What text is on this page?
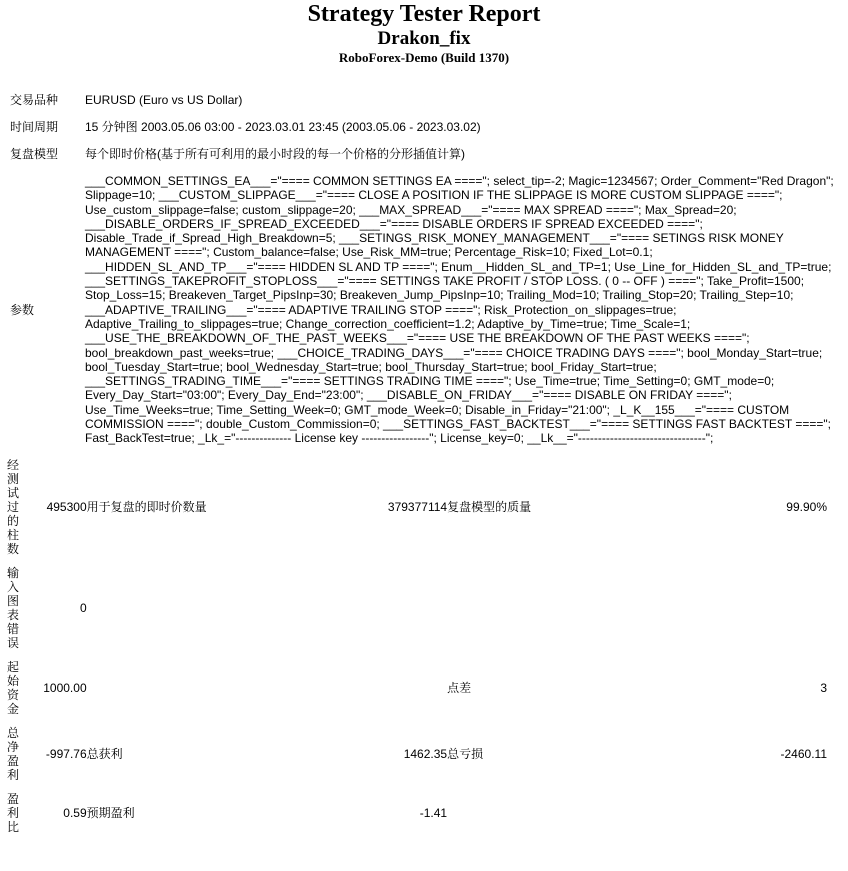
Strategy Tester Report
Drakon_fix
RoboForex-Demo (Build 1370)
交易品种	EURUSD (Euro vs US Dollar)
时间周期	15 分钟图 2003.05.06 03:00 - 2023.03.01 23:45 (2003.05.06 - 2023.03.02)
复盘模型	每个即时价格(基于所有可利用的最小时段的每一个价格的分形插值计算)
参数	___COMMON_SETTINGS_EA___="==== COMMON SETTINGS EA ===="; select_tip=-2; Magic=1234567; Order_Comment="Red Dragon"; Slippage=10; ___CUSTOM_SLIPPAGE___="==== CLOSE A POSITION IF THE SLIPPAGE IS MORE CUSTOM SLIPPAGE ===="; Use_custom_slippage=false; custom_slippage=20; ___MAX_SPREAD___="==== MAX SPREAD ===="; Max_Spread=20; ___DISABLE_ORDERS_IF_SPREAD_EXCEEDED___="==== DISABLE ORDERS IF SPREAD EXCEEDED ===="; Disable_Trade_if_Spread_High_Breakdown=5; ___SETINGS_RISK_MONEY_MANAGEMENT___="==== SETINGS RISK MONEY MANAGEMENT ===="; Custom_balance=false; Use_Risk_MM=true; Percentage_Risk=10; Fixed_Lot=0.1; ___HIDDEN_SL_AND_TP___="==== HIDDEN SL AND TP ===="; Enum__Hidden_SL_and_TP=1; Use_Line_for_Hidden_SL_and_TP=true; ___SETTINGS_TAKEPROFIT_STOPLOSS___="==== SETTINGS TAKE PROFIT / STOP LOSS. ( 0 -- OFF ) ===="; Take_Profit=1500; Stop_Loss=15; Breakeven_Target_PipsInp=30; Breakeven_Jump_PipsInp=10; Trailing_Mod=10; Trailing_Stop=20; Trailing_Step=10; ___ADAPTIVE_TRAILING___="==== ADAPTIVE TRAILING STOP ===="; Risk_Protection_on_slippages=true; Adaptive_Trailing_to_slippages=true; Change_correction_coefficient=1.2; Adaptive_by_Time=true; Time_Scale=1; ___USE_THE_BREAKDOWN_OF_THE_PAST_WEEKS___="==== USE THE BREAKDOWN OF THE PAST WEEKS ===="; bool_breakdown_past_weeks=true; ___CHOICE_TRADING_DAYS___="==== CHOICE TRADING DAYS ===="; bool_Monday_Start=true; bool_Tuesday_Start=true; bool_Wednesday_Start=true; bool_Thursday_Start=true; bool_Friday_Start=true; ___SETTINGS_TRADING_TIME___="==== SETTINGS TRADING TIME ===="; Use_Time=true; Time_Setting=0; GMT_mode=0; Every_Day_Start="03:00"; Every_Day_End="23:00"; ___DISABLE_ON_FRIDAY___="==== DISABLE ON FRIDAY ===="; Use_Time_Weeks=true; Time_Setting_Week=0; GMT_mode_Week=0; Disable_in_Friday="21:00"; _L_K__155___="==== CUSTOM COMMISSION ===="; double_Custom_Commission=0; ___SETTINGS_FAST_BACKTEST___="==== SETTINGS FAST BACKTEST ===="; Fast_BackTest=true; _Lk_="-------------- License key -----------------"; License_key=0; __Lk__="--------------------------------";
经测试过的柱数	495300	用于复盘的即时价数量	379377114	复盘模型的质量	99.90%
输入图表错误	0				
起始资金	1000.00			点差	3
总净盈利	-997.76	总获利	1462.35	总亏损	-2460.11
盈利比	0.59	预期盈利	-1.41		
